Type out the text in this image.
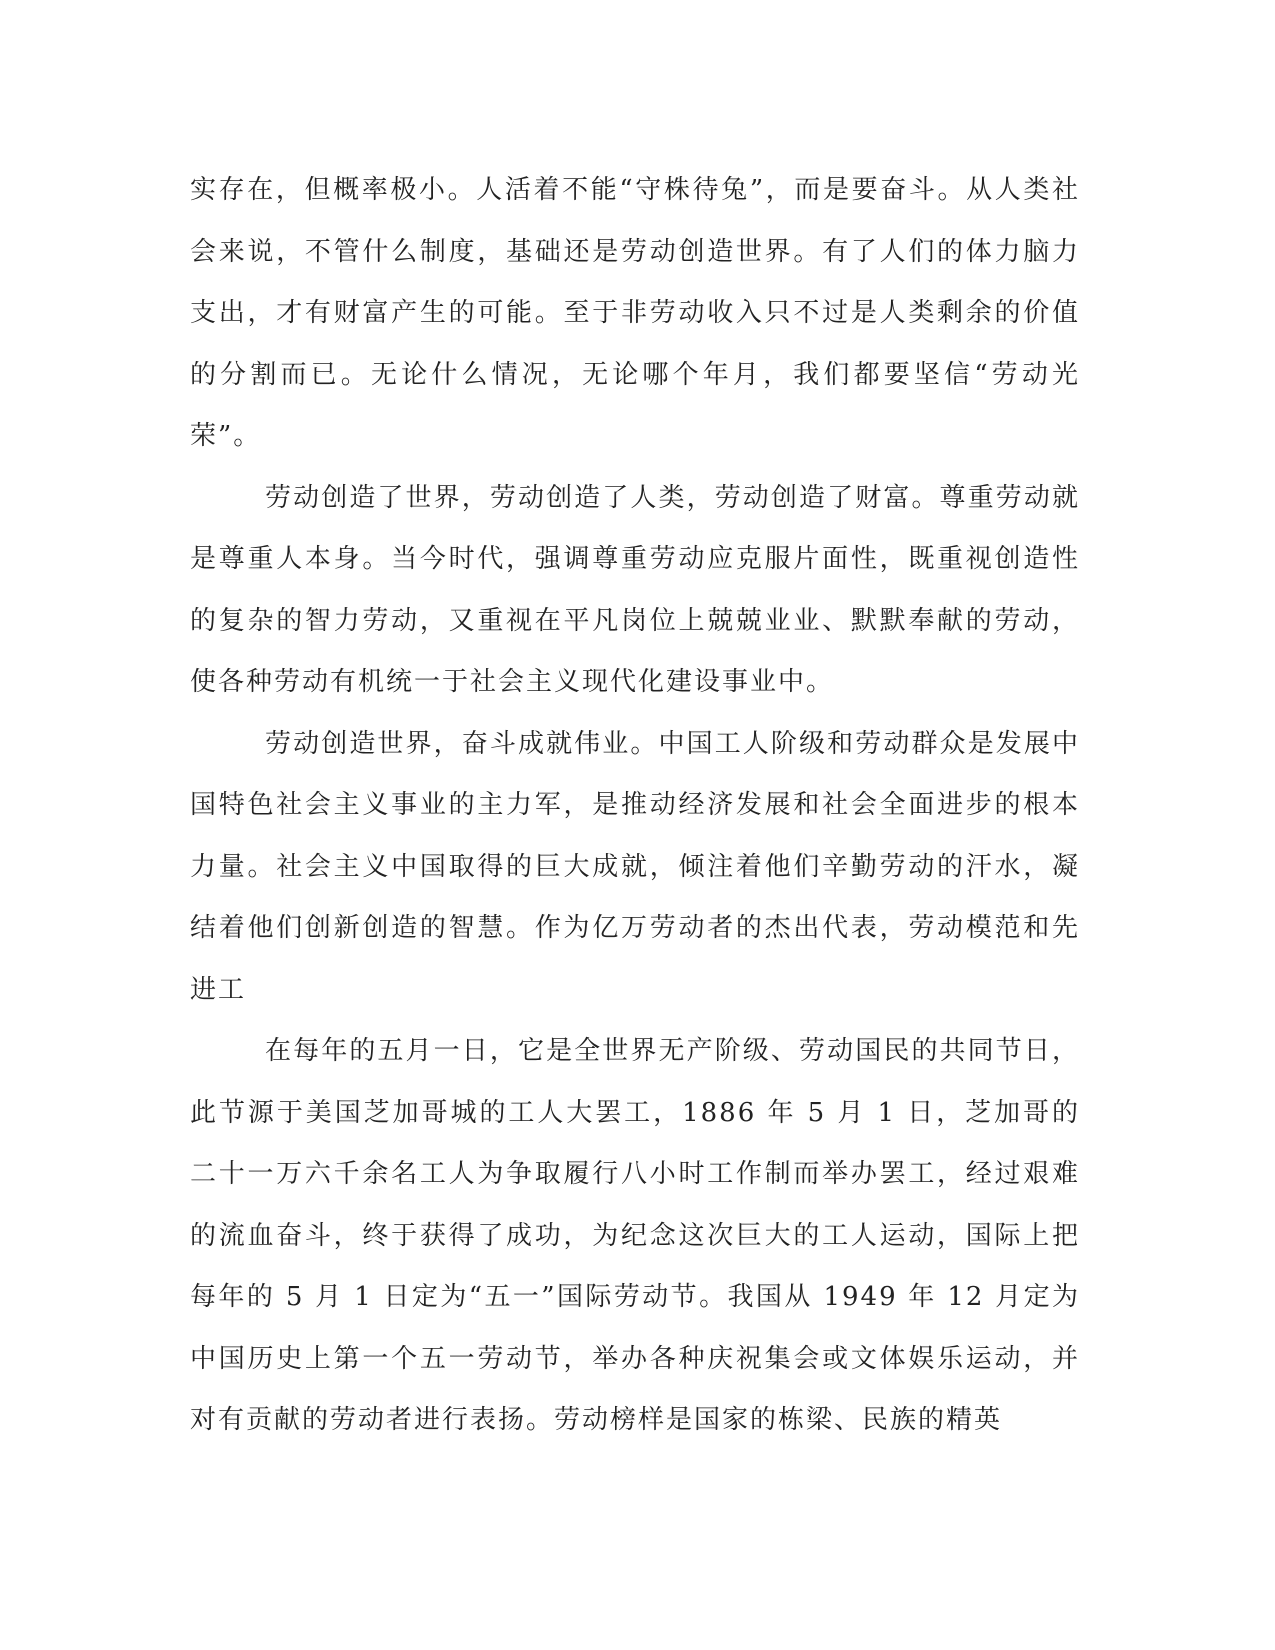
实存在，但概率极小。人活着不能“守株待兔”，而是要奋斗。从人类社会来说，不管什么制度，基础还是劳动创造世界。有了人们的体力脑力支出，才有财富产生的可能。至于非劳动收入只不过是人类剩余的价值的分割而已。无论什么情况，无论哪个年月，我们都要坚信“劳动光荣”。

劳动创造了世界，劳动创造了人类，劳动创造了财富。尊重劳动就是尊重人本身。当今时代，强调尊重劳动应克服片面性，既重视创造性的复杂的智力劳动，又重视在平凡岗位上兢兢业业、默默奉献的劳动，使各种劳动有机统一于社会主义现代化建设事业中。

劳动创造世界，奋斗成就伟业。中国工人阶级和劳动群众是发展中国特色社会主义事业的主力军，是推动经济发展和社会全面进步的根本力量。社会主义中国取得的巨大成就，倾注着他们辛勤劳动的汗水，凝结着他们创新创造的智慧。作为亿万劳动者的杰出代表，劳动模范和先进工

在每年的五月一日，它是全世界无产阶级、劳动国民的共同节日，此节源于美国芝加哥城的工人大罢工，1886 年 5 月 1 日，芝加哥的二十一万六千余名工人为争取履行八小时工作制而举办罢工，经过艰难的流血奋斗，终于获得了成功，为纪念这次巨大的工人运动，国际上把每年的 5 月 1 日定为“五一”国际劳动节。我国从 1949 年 12 月定为中国历史上第一个五一劳动节，举办各种庆祝集会或文体娱乐运动，并对有贡献的劳动者进行表扬。劳动榜样是国家的栋梁、民族的精英
